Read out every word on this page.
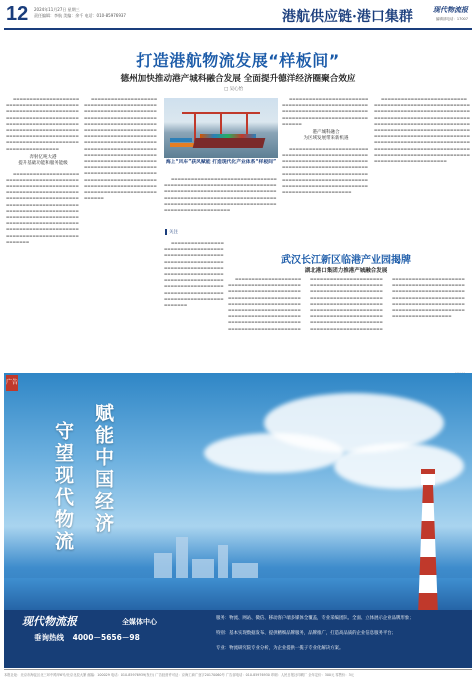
12 2024年11月27日 星期三
责任编辑：李航 美编：余千 电话：010-85976937	港航供应链·港口集群	现代物流报
编辑部电话：17007
打造港航物流发展“样板间”
德州加快推动港产城科融合发展 全面提升德洋经济圈聚合效应
□ 吴心怡

▬▬▬▬▬▬▬▬▬▬▬▬▬▬▬▬▬▬▬▬▬▬▬▬▬▬▬▬▬▬▬▬▬▬▬▬▬▬▬▬▬▬▬▬▬▬▬▬▬▬▬▬▬▬▬▬▬▬▬▬▬▬▬▬▬▬▬▬▬▬▬▬▬▬▬▬▬▬▬▬▬▬▬▬▬▬▬▬▬▬▬▬▬▬▬▬▬▬▬▬▬▬▬▬▬▬▬▬▬▬▬▬▬▬▬▬▬▬▬▬▬▬▬▬▬▬▬▬▬▬▬▬▬▬▬▬▬▬▬▬▬▬▬▬▬▬▬▬▬▬▬▬▬▬▬▬▬▬▬▬▬▬▬▬▬▬▬▬▬▬▬▬▬▬▬▬▬▬▬▬▬▬▬▬▬▬▬▬▬▬

奔射亿吨大港
提升基础功能和服务能级

▬▬▬▬▬▬▬▬▬▬▬▬▬▬▬▬▬▬▬▬▬▬▬▬▬▬▬▬▬▬▬▬▬▬▬▬▬▬▬▬▬▬▬▬▬▬▬▬▬▬▬▬▬▬▬▬▬▬▬▬▬▬▬▬▬▬▬▬▬▬▬▬▬▬▬▬▬▬▬▬▬▬▬▬▬▬▬▬▬▬▬▬▬▬▬▬▬▬▬▬▬▬▬▬▬▬▬▬▬▬▬▬▬▬▬▬▬▬▬▬▬▬▬▬▬▬▬▬▬▬▬▬▬▬▬▬▬▬▬▬▬▬▬▬▬▬▬▬▬▬▬▬▬▬▬▬▬▬▬▬▬▬▬▬▬▬▬▬▬▬▬▬▬▬▬▬▬▬▬▬▬▬▬▬▬▬▬▬▬▬▬▬▬▬▬▬▬▬▬▬▬▬▬▬▬▬▬▬▬▬▬▬▬▬▬▬▬▬▬▬▬▬▬▬▬▬▬▬▬▬▬▬▬▬▬▬▬▬▬▬▬▬▬▬▬▬▬

▬▬▬▬▬▬▬▬▬▬▬▬▬▬▬▬▬▬▬▬▬▬▬▬▬▬▬▬▬▬▬▬▬▬▬▬▬▬▬▬▬▬▬▬▬▬▬▬▬▬▬▬▬▬▬▬▬▬▬▬▬▬▬▬▬▬▬▬▬▬▬▬▬▬▬▬▬▬▬▬▬▬▬▬▬▬▬▬▬▬▬▬▬▬▬▬▬▬▬▬▬▬▬▬▬▬▬▬▬▬▬▬▬▬▬▬▬▬▬▬▬▬▬▬▬▬▬▬▬▬▬▬▬▬▬▬▬▬▬▬▬▬▬▬▬▬▬▬▬▬▬▬▬▬▬▬▬▬▬▬▬▬▬▬▬▬▬▬▬▬▬▬▬▬▬▬▬▬▬▬▬▬▬▬▬▬▬▬▬▬▬▬▬▬▬▬▬▬▬▬▬▬▬▬▬▬▬▬▬▬▬▬▬▬▬▬▬▬▬▬▬▬▬▬▬▬▬▬▬▬▬▬▬▬▬▬▬▬▬▬▬▬▬▬▬▬▬▬▬▬▬▬▬▬▬▬▬▬▬▬▬▬▬▬▬▬▬▬▬▬▬▬▬▬▬▬▬▬▬▬▬▬▬▬▬▬▬▬▬▬▬▬▬▬▬▬▬▬▬▬▬▬▬▬▬▬▬▬▬▬▬▬▬▬▬▬▬▬▬▬▬▬▬▬▬▬▬▬▬▬▬▬▬▬▬▬▬▬▬▬▬▬▬▬▬▬▬▬▬▬▬▬▬▬▬▬

海上“风车”获风赋能 打造现代化产业体系“样板间”

▬▬▬▬▬▬▬▬▬▬▬▬▬▬▬▬▬▬▬▬▬▬▬▬▬▬▬▬▬▬▬▬▬▬▬▬▬▬▬▬▬▬▬▬▬▬▬▬▬▬▬▬▬▬▬▬▬▬▬▬▬▬▬▬▬▬▬▬▬▬▬▬▬▬▬▬▬▬▬▬▬▬▬▬▬▬▬▬▬▬▬▬▬▬▬▬▬▬▬▬▬▬▬▬▬▬▬▬▬▬▬▬▬▬▬▬▬▬▬▬▬▬▬▬▬▬▬▬▬▬▬▬▬▬▬▬▬▬▬▬▬▬▬▬▬▬▬▬▬▬▬▬▬▬▬▬▬▬▬▬▬▬▬▬▬▬▬▬▬▬▬▬▬▬▬▬▬▬▬▬▬▬▬▬▬▬▬▬

▬▬▬▬▬▬▬▬▬▬▬▬▬▬▬▬▬▬▬▬▬▬▬▬▬▬▬▬▬▬▬▬▬▬▬▬▬▬▬▬▬▬▬▬▬▬▬▬▬▬▬▬▬▬▬▬▬▬▬▬▬▬▬▬▬▬▬▬▬▬▬▬▬▬▬▬▬▬▬▬▬▬▬▬▬▬▬▬▬▬▬▬▬▬▬▬▬▬▬▬▬▬▬▬▬▬▬▬

港产城科融合
为区域发展带来新机遇

▬▬▬▬▬▬▬▬▬▬▬▬▬▬▬▬▬▬▬▬▬▬▬▬▬▬▬▬▬▬▬▬▬▬▬▬▬▬▬▬▬▬▬▬▬▬▬▬▬▬▬▬▬▬▬▬▬▬▬▬▬▬▬▬▬▬▬▬▬▬▬▬▬▬▬▬▬▬▬▬▬▬▬▬▬▬▬▬▬▬▬▬▬▬▬▬▬▬▬▬▬▬▬▬▬▬▬▬▬▬▬▬▬▬▬▬▬▬▬▬▬▬▬▬▬▬▬▬▬▬▬▬▬▬▬▬▬▬▬▬▬▬▬▬▬▬▬▬▬▬▬▬▬▬▬▬▬▬▬▬▬▬▬▬▬▬▬▬▬▬▬▬▬▬▬▬▬▬▬▬▬▬▬▬▬▬▬▬▬▬▬▬▬▬▬▬▬▬▬▬▬

▬▬▬▬▬▬▬▬▬▬▬▬▬▬▬▬▬▬▬▬▬▬▬▬▬▬▬▬▬▬▬▬▬▬▬▬▬▬▬▬▬▬▬▬▬▬▬▬▬▬▬▬▬▬▬▬▬▬▬▬▬▬▬▬▬▬▬▬▬▬▬▬▬▬▬▬▬▬▬▬▬▬▬▬▬▬▬▬▬▬▬▬▬▬▬▬▬▬▬▬▬▬▬▬▬▬▬▬▬▬▬▬▬▬▬▬▬▬▬▬▬▬▬▬▬▬▬▬▬▬▬▬▬▬▬▬▬▬▬▬▬▬▬▬▬▬▬▬▬▬▬▬▬▬▬▬▬▬▬▬▬▬▬▬▬▬▬▬▬▬▬▬▬▬▬▬▬▬▬▬▬▬▬▬▬▬▬▬▬▬▬▬▬▬▬▬▬▬▬▬▬▬▬▬▬▬▬▬▬▬▬▬▬▬▬▬▬▬▬▬▬▬▬▬▬▬▬▬▬▬▬▬▬▬▬▬▬▬▬▬▬▬▬▬▬▬▬▬▬▬▬▬▬▬▬▬▬▬▬▬▬▬▬▬▬▬▬▬▬▬▬▬▬▬▬▬▬▬▬▬▬▬▬▬▬▬▬▬▬▬▬▬▬▬▬▬▬▬▬▬▬▬▬▬▬▬▬▬▬

关注

▬▬▬▬▬▬▬▬▬▬▬▬▬▬▬▬▬▬▬▬▬▬▬▬▬▬▬▬▬▬▬▬▬▬▬▬▬▬▬▬▬▬▬▬▬▬▬▬▬▬▬▬▬▬▬▬▬▬▬▬▬▬▬▬▬▬▬▬▬▬▬▬▬▬▬▬▬▬▬▬▬▬▬▬▬▬▬▬▬▬▬▬▬▬▬▬▬▬▬▬▬▬▬▬▬▬▬▬▬▬▬▬▬▬▬▬▬▬▬▬▬▬▬▬▬▬▬▬▬▬▬▬▬▬▬▬▬▬▬▬▬▬▬▬▬▬▬▬▬▬▬▬▬▬▬▬▬▬▬▬▬▬▬▬▬▬▬▬▬▬▬▬▬▬▬▬▬▬▬▬▬▬▬▬▬

武汉长江新区临港产业园揭牌
湖北港口集团力推港产城融合发展

▬▬▬▬▬▬▬▬▬▬▬▬▬▬▬▬▬▬▬▬▬▬▬▬▬▬▬▬▬▬▬▬▬▬▬▬▬▬▬▬▬▬▬▬▬▬▬▬▬▬▬▬▬▬▬▬▬▬▬▬▬▬▬▬▬▬▬▬▬▬▬▬▬▬▬▬▬▬▬▬▬▬▬▬▬▬▬▬▬▬▬▬▬▬▬▬▬▬▬▬▬▬▬▬▬▬▬▬▬▬▬▬▬▬▬▬▬▬▬▬▬▬▬▬▬▬▬▬▬▬▬▬▬▬▬▬▬▬▬▬▬▬▬▬▬▬▬▬▬▬▬▬▬▬▬▬▬▬▬▬▬▬▬▬▬▬▬▬▬▬▬▬▬▬▬▬▬▬▬▬▬▬▬▬▬▬▬▬▬▬▬▬▬▬▬▬▬▬▬▬▬▬▬▬▬▬▬▬▬▬▬▬▬▬▬▬▬▬▬▬▬▬▬▬▬▬▬▬▬▬▬▬▬▬▬▬▬▬▬▬▬▬▬▬▬▬▬▬▬▬▬▬▬▬▬▬▬▬▬▬▬▬▬▬▬▬▬▬▬▬▬▬▬▬▬▬▬▬▬▬▬▬▬▬▬▬▬▬▬▬▬▬▬▬▬▬▬▬▬▬▬▬▬▬▬▬▬▬▬▬▬▬▬▬▬▬▬▬▬▬▬▬▬▬▬▬▬▬▬▬▬▬▬▬▬▬▬▬▬▬▬▬▬▬▬▬▬▬▬▬▬▬▬▬▬▬▬▬▬▬▬▬▬▬▬▬▬▬▬▬▬▬▬▬▬▬▬▬▬▬▬▬▬▬▬▬▬▬▬▬▬▬▬▬▬▬▬▬▬▬▬▬▬▬▬▬▬▬▬▬▬▬▬▬▬▬▬▬▬▬▬▬▬▬▬▬▬▬▬▬▬▬▬▬▬▬▬▬▬▬▬▬▬▬▬▬▬▬▬▬▬▬▬▬▬▬▬▬▬▬▬▬▬▬▬▬▬▬▬▬▬▬▬▬▬▬▬▬▬▬▬▬▬▬▬▬▬▬▬▬▬▬▬▬▬▬▬▬▬▬▬▬▬▬▬▬▬▬▬▬▬▬▬▬▬▬▬▬▬▬▬▬▬▬▬▬▬▬▬▬▬▬▬▬▬▬▬▬▬▬▬▬▬▬

广告
守望现代物流 赋能中国经济
现代物流报	全媒体中心
垂询热线 4000－5656－98
服务：物流、网站、微信、移动客户端多媒体全覆盖，专业采编团队、全面、立体展示企业品牌形象；
特别：基本实现数据发布、提供精细品牌服务，品牌推广，打造高品质的企业信息服务平台；
专业：物流研究院专业分析，为企业提供一揽子专业化解决方案。
本报社址：北京市海淀区北三环中路甲6号/北京北辰大厦 邮编：100029 电话：010-85976939(发行) 广告经营许可证：京海工商广登字20170060号 广告部电话：010-85976930 印刷：人民日报社印刷厂 全年定价：300元 零售价：3元
